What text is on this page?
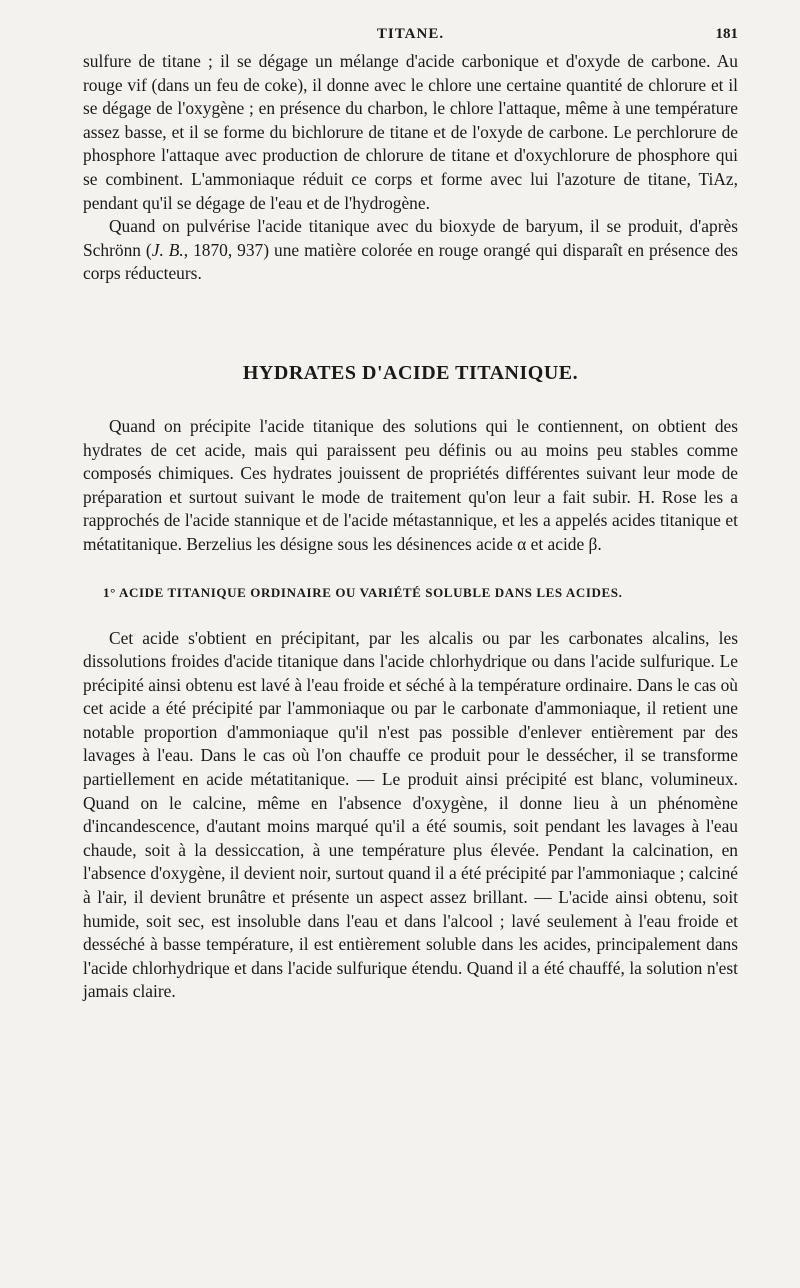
TITANE.	181

sulfure de titane ; il se dégage un mélange d'acide carbonique et d'oxyde de carbone. Au rouge vif (dans un feu de coke), il donne avec le chlore une certaine quantité de chlorure et il se dégage de l'oxygène ; en présence du charbon, le chlore l'attaque, même à une température assez basse, et il se forme du bichlorure de titane et de l'oxyde de carbone. Le perchlorure de phosphore l'attaque avec production de chlorure de titane et d'oxychlorure de phosphore qui se combinent. L'ammoniaque réduit ce corps et forme avec lui l'azoture de titane, TiAz, pendant qu'il se dégage de l'eau et de l'hydrogène.

Quand on pulvérise l'acide titanique avec du bioxyde de baryum, il se produit, d'après Schrönn (J. B., 1870, 937) une matière colorée en rouge orangé qui disparaît en présence des corps réducteurs.

HYDRATES D'ACIDE TITANIQUE.

Quand on précipite l'acide titanique des solutions qui le contiennent, on obtient des hydrates de cet acide, mais qui paraissent peu définis ou au moins peu stables comme composés chimiques. Ces hydrates jouissent de propriétés différentes suivant leur mode de préparation et surtout suivant le mode de traitement qu'on leur a fait subir. H. Rose les a rapprochés de l'acide stannique et de l'acide métastannique, et les a appelés acides titanique et métatitanique. Berzelius les désigne sous les désinences acide α et acide β.

1° ACIDE TITANIQUE ORDINAIRE OU VARIÉTÉ SOLUBLE DANS LES ACIDES.

Cet acide s'obtient en précipitant, par les alcalis ou par les carbonates alcalins, les dissolutions froides d'acide titanique dans l'acide chlorhydrique ou dans l'acide sulfurique. Le précipité ainsi obtenu est lavé à l'eau froide et séché à la température ordinaire. Dans le cas où cet acide a été précipité par l'ammoniaque ou par le carbonate d'ammoniaque, il retient une notable proportion d'ammoniaque qu'il n'est pas possible d'enlever entièrement par des lavages à l'eau. Dans le cas où l'on chauffe ce produit pour le dessécher, il se transforme partiellement en acide métatitanique. — Le produit ainsi précipité est blanc, volumineux. Quand on le calcine, même en l'absence d'oxygène, il donne lieu à un phénomène d'incandescence, d'autant moins marqué qu'il a été soumis, soit pendant les lavages à l'eau chaude, soit à la dessiccation, à une température plus élevée. Pendant la calcination, en l'absence d'oxygène, il devient noir, surtout quand il a été précipité par l'ammoniaque ; calciné à l'air, il devient brunâtre et présente un aspect assez brillant. — L'acide ainsi obtenu, soit humide, soit sec, est insoluble dans l'eau et dans l'alcool ; lavé seulement à l'eau froide et desséché à basse température, il est entièrement soluble dans les acides, principalement dans l'acide chlorhydrique et dans l'acide sulfurique étendu. Quand il a été chauffé, la solution n'est jamais claire.
